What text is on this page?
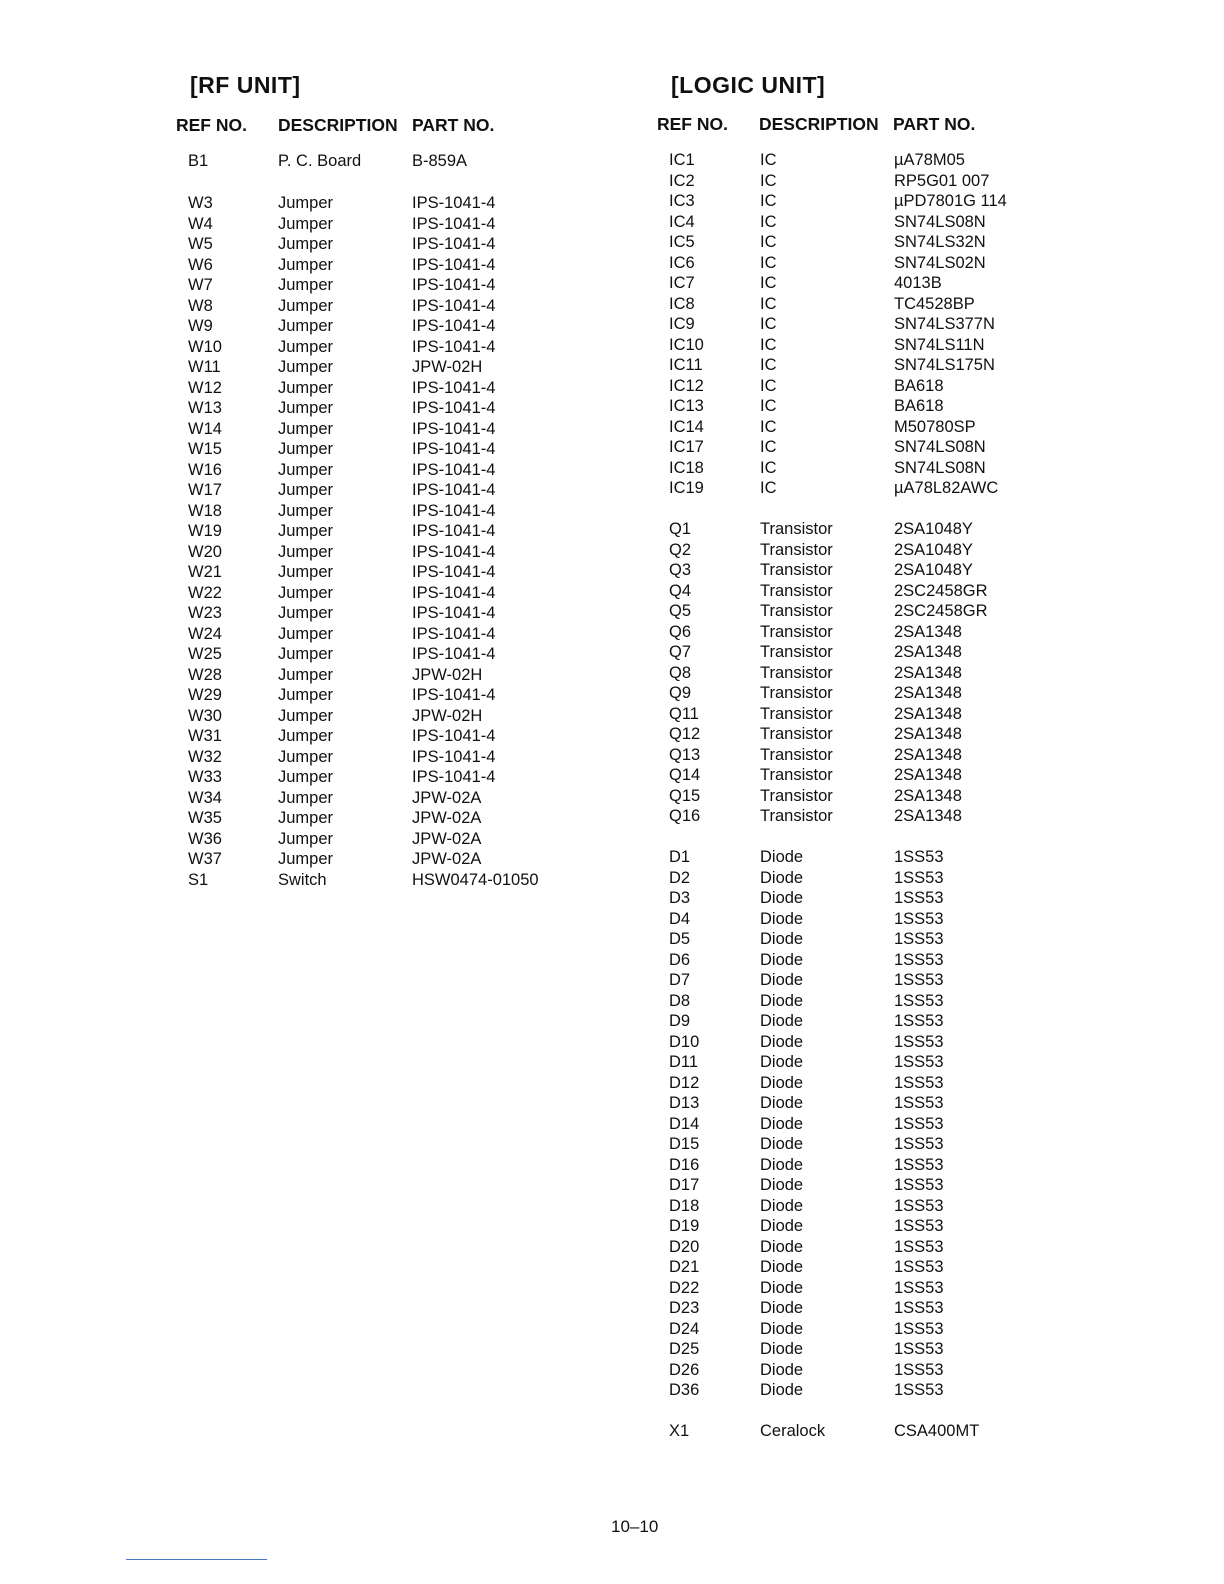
[RF UNIT]
REF NO. DESCRIPTION PART NO.
B1	P. C. Board	B-859A
W3	Jumper	IPS-1041-4
W4	Jumper	IPS-1041-4
W5	Jumper	IPS-1041-4
W6	Jumper	IPS-1041-4
W7	Jumper	IPS-1041-4
W8	Jumper	IPS-1041-4
W9	Jumper	IPS-1041-4
W10	Jumper	IPS-1041-4
W11	Jumper	JPW-02H
W12	Jumper	IPS-1041-4
W13	Jumper	IPS-1041-4
W14	Jumper	IPS-1041-4
W15	Jumper	IPS-1041-4
W16	Jumper	IPS-1041-4
W17	Jumper	IPS-1041-4
W18	Jumper	IPS-1041-4
W19	Jumper	IPS-1041-4
W20	Jumper	IPS-1041-4
W21	Jumper	IPS-1041-4
W22	Jumper	IPS-1041-4
W23	Jumper	IPS-1041-4
W24	Jumper	IPS-1041-4
W25	Jumper	IPS-1041-4
W28	Jumper	JPW-02H
W29	Jumper	IPS-1041-4
W30	Jumper	JPW-02H
W31	Jumper	IPS-1041-4
W32	Jumper	IPS-1041-4
W33	Jumper	IPS-1041-4
W34	Jumper	JPW-02A
W35	Jumper	JPW-02A
W36	Jumper	JPW-02A
W37	Jumper	JPW-02A
S1	Switch	HSW0474-01050
[LOGIC UNIT]
REF NO. DESCRIPTION PART NO.
IC1	IC	µA78M05
IC2	IC	RP5G01 007
IC3	IC	µPD7801G 114
IC4	IC	SN74LS08N
IC5	IC	SN74LS32N
IC6	IC	SN74LS02N
IC7	IC	4013B
IC8	IC	TC4528BP
IC9	IC	SN74LS377N
IC10	IC	SN74LS11N
IC11	IC	SN74LS175N
IC12	IC	BA618
IC13	IC	BA618
IC14	IC	M50780SP
IC17	IC	SN74LS08N
IC18	IC	SN74LS08N
IC19	IC	µA78L82AWC
Q1	Transistor	2SA1048Y
Q2	Transistor	2SA1048Y
Q3	Transistor	2SA1048Y
Q4	Transistor	2SC2458GR
Q5	Transistor	2SC2458GR
Q6	Transistor	2SA1348
Q7	Transistor	2SA1348
Q8	Transistor	2SA1348
Q9	Transistor	2SA1348
Q11	Transistor	2SA1348
Q12	Transistor	2SA1348
Q13	Transistor	2SA1348
Q14	Transistor	2SA1348
Q15	Transistor	2SA1348
Q16	Transistor	2SA1348
D1	Diode	1SS53
D2	Diode	1SS53
D3	Diode	1SS53
D4	Diode	1SS53
D5	Diode	1SS53
D6	Diode	1SS53
D7	Diode	1SS53
D8	Diode	1SS53
D9	Diode	1SS53
D10	Diode	1SS53
D11	Diode	1SS53
D12	Diode	1SS53
D13	Diode	1SS53
D14	Diode	1SS53
D15	Diode	1SS53
D16	Diode	1SS53
D17	Diode	1SS53
D18	Diode	1SS53
D19	Diode	1SS53
D20	Diode	1SS53
D21	Diode	1SS53
D22	Diode	1SS53
D23	Diode	1SS53
D24	Diode	1SS53
D25	Diode	1SS53
D26	Diode	1SS53
D36	Diode	1SS53
X1	Ceralock	CSA400MT
10–10
